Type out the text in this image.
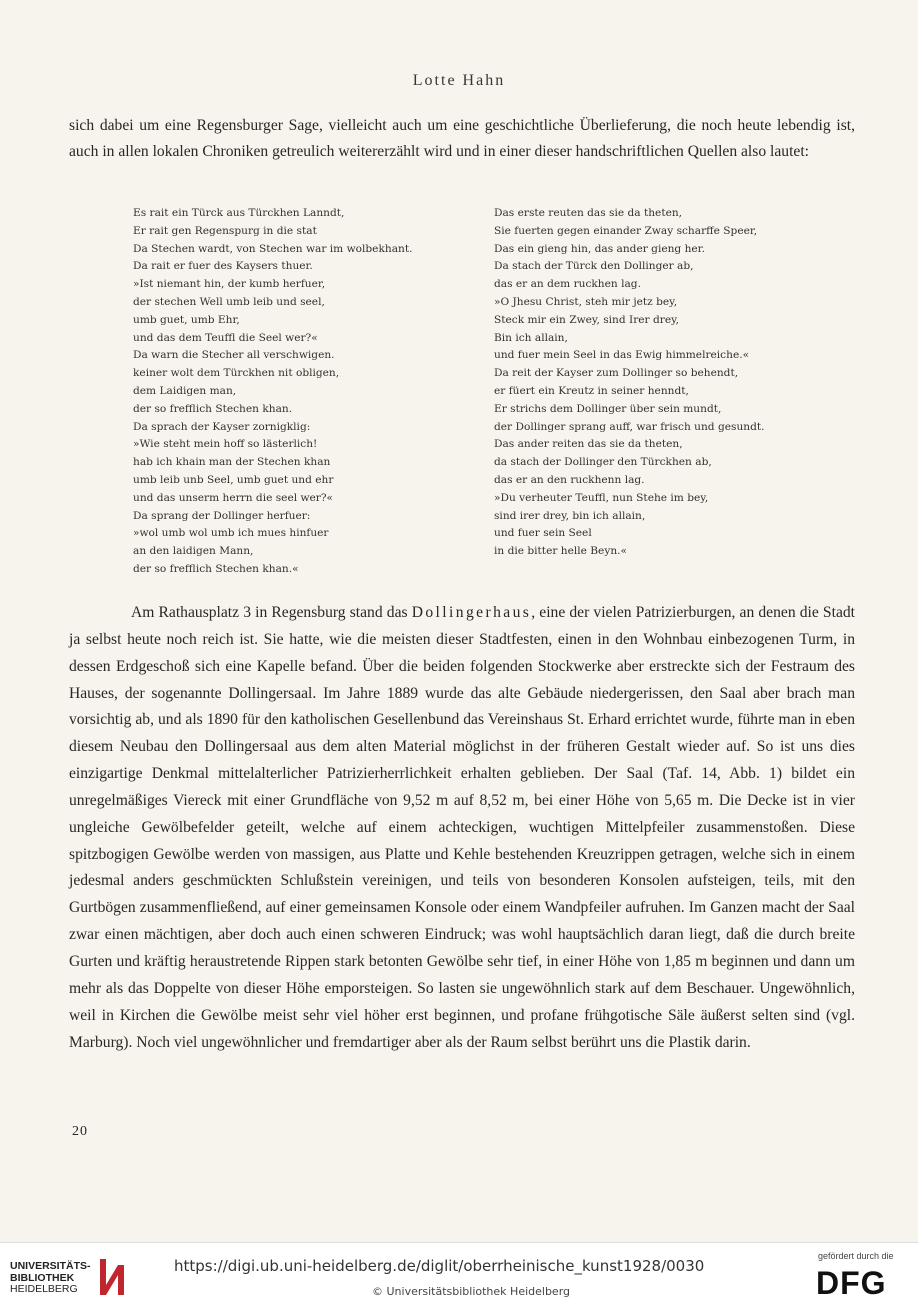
Lotte Hahn

sich dabei um eine Regensburger Sage, vielleicht auch um eine geschichtliche Überlieferung, die noch heute lebendig ist, auch in allen lokalen Chroniken getreulich weitererzählt wird und in einer dieser handschriftlichen Quellen also lautet:

Es rait ein Türck aus Türckhen Lanndt,
Er rait gen Regenspurg in die stat
Da Stechen wardt, von Stechen war im wolbekhant.
Da rait er fuer des Kaysers thuer.
»Ist niemant hin, der kumb herfuer,
der stechen Well umb leib und seel,
umb guet, umb Ehr,
und das dem Teuffl die Seel wer?«
Da warn die Stecher all verschwigen.
keiner wolt dem Türckhen nit obligen,
dem Laidigen man,
der so frefflich Stechen khan.
Da sprach der Kayser zornigklig:
»Wie steht mein hoff so lästerlich!
hab ich khain man der Stechen khan
umb leib unb Seel, umb guet und ehr
und das unserm herrn die seel wer?«
Da sprang der Dollinger herfuer:
»wol umb wol umb ich mues hinfuer
an den laidigen Mann,
der so frefflich Stechen khan.«
Das erste reuten das sie da theten,
Sie fuerten gegen einander Zway scharffe Speer,
Das ein gieng hin, das ander gieng her.
Da stach der Türck den Dollinger ab,
das er an dem ruckhen lag.
»O Jhesu Christ, steh mir jetz bey,
Steck mir ein Zwey, sind Irer drey,
Bin ich allain,
und fuer mein Seel in das Ewig himmelreiche.«
Da reit der Kayser zum Dollinger so behendt,
er füert ein Kreutz in seiner henndt,
Er strichs dem Dollinger über sein mundt,
der Dollinger sprang auff, war frisch und gesundt.
Das ander reiten das sie da theten,
da stach der Dollinger den Türckhen ab,
das er an den ruckhenn lag.
»Du verheuter Teuffl, nun Stehe im bey,
sind irer drey, bin ich allain,
und fuer sein Seel
in die bitter helle Beyn.«

Am Rathausplatz 3 in Regensburg stand das Dollingerhaus, eine der vielen Patrizierburgen, an denen die Stadt ja selbst heute noch reich ist. Sie hatte, wie die meisten dieser Stadtfesten, einen in den Wohnbau einbezogenen Turm, in dessen Erdgeschoß sich eine Kapelle befand. Über die beiden folgenden Stockwerke aber erstreckte sich der Festraum des Hauses, der sogenannte Dollingersaal. Im Jahre 1889 wurde das alte Gebäude niedergerissen, den Saal aber brach man vorsichtig ab, und als 1890 für den katholischen Gesellenbund das Vereinshaus St. Erhard errichtet wurde, führte man in eben diesem Neubau den Dollingersaal aus dem alten Material möglichst in der früheren Gestalt wieder auf. So ist uns dies einzigartige Denkmal mittelalterlicher Patrizierherrlichkeit erhalten geblieben. Der Saal (Taf. 14, Abb. 1) bildet ein unregelmäßiges Viereck mit einer Grundfläche von 9,52 m auf 8,52 m, bei einer Höhe von 5,65 m. Die Decke ist in vier ungleiche Gewölbefelder geteilt, welche auf einem achteckigen, wuchtigen Mittelpfeiler zusammenstoßen. Diese spitzbogigen Gewölbe werden von massigen, aus Platte und Kehle bestehenden Kreuzrippen getragen, welche sich in einem jedesmal anders geschmückten Schlußstein vereinigen, und teils von besonderen Konsolen aufsteigen, teils, mit den Gurtbögen zusammenfließend, auf einer gemeinsamen Konsole oder einem Wandpfeiler aufruhen. Im Ganzen macht der Saal zwar einen mächtigen, aber doch auch einen schweren Eindruck; was wohl hauptsächlich daran liegt, daß die durch breite Gurten und kräftig heraustretende Rippen stark betonten Gewölbe sehr tief, in einer Höhe von 1,85 m beginnen und dann um mehr als das Doppelte von dieser Höhe emporsteigen. So lasten sie ungewöhnlich stark auf dem Beschauer. Ungewöhnlich, weil in Kirchen die Gewölbe meist sehr viel höher erst beginnen, und profane frühgotische Säle äußerst selten sind (vgl. Marburg). Noch viel ungewöhnlicher und fremdartiger aber als der Raum selbst berührt uns die Plastik darin.

20
UNIVERSITÄTS-
BIBLIOTHEK
HEIDELBERG
https://digi.ub.uni-heidelberg.de/diglit/oberrheinische_kunst1928/0030
© Universitätsbibliothek Heidelberg
gefördert durch die
DFG
